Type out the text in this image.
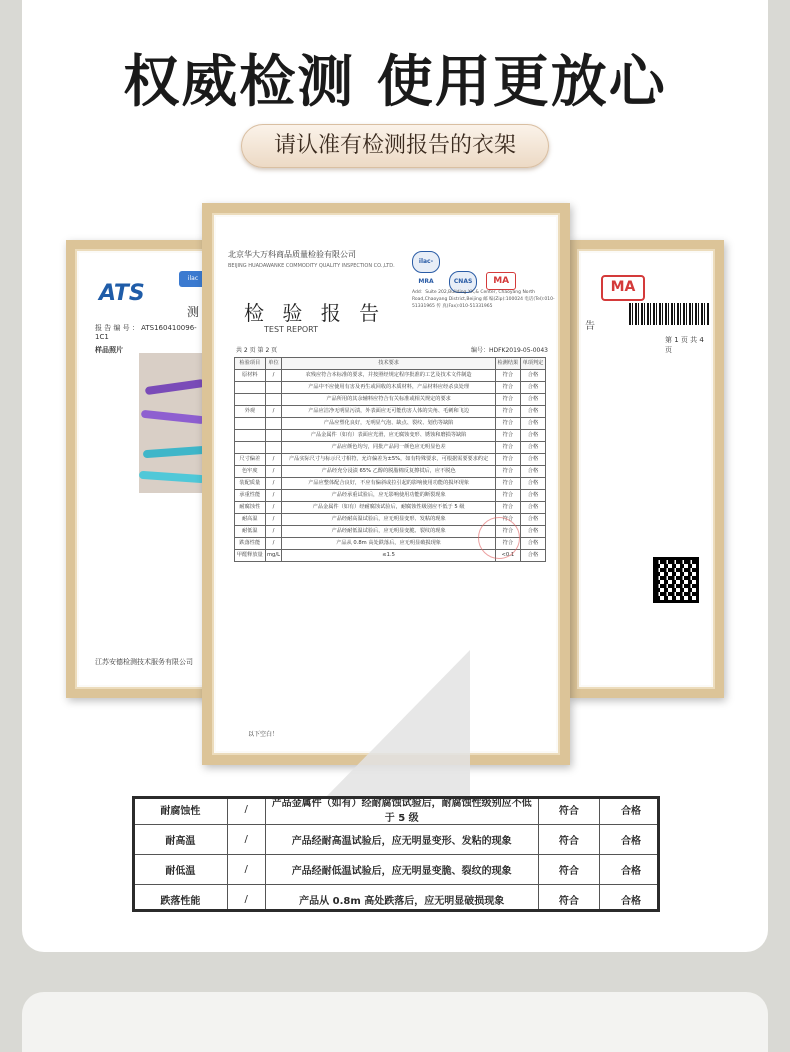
权威检测 使用更放心
请认准有检测报告的衣架
ATS
ilac
测
报 告 编 号 ： ATS160410096-1C1
样品照片
江苏安德检测技术服务有限公司
MA
告
第 1 页 共 4 页
北京华大万科商品质量检验有限公司
BEIJING HUADAWANKE COMMODITY QUALITY INSPECTION CO.,LTD.
检 验 报 告
TEST REPORT
ilac-MRA	CNAS MA
Add：Suite 202,Building XX,& Center, Chaoyang North Road,Chaoyang District,Beijing 邮 编(Zip):100024 电话(Tel):010-51331965 传 真(Fax):010-51331965
共 2 页 第 2 页	编号：HDFK2019-05-0043
检验项目	单位	技术要求	检测结果	单项判定
原材料	/	农残应符合本标准的要求，并按照经规定程序批准的工艺及技术文件制造	符合	合格
		产品中不应使用有害及再生或回收的木质材料，产品材料应经杀虫处理	符合	合格
		产品所用的其余辅料应符合有关标准或相关规定的要求	符合	合格
外观	/	产品应洁净无明显污渍，外表面应无可能伤害人体的尖角、毛刺和飞边	符合	合格
		产品应塑化良好，无明显气泡、缺点、裂纹、划伤等缺陷	符合	合格
		产品金属件（如有）表面应光滑，应无腐蚀变形、锈蚀和磨损等缺陷	符合	合格
		产品应颜色均匀，同批产品同一颜色应无明显色差	符合	合格
尺寸偏差	/	产品实际尺寸与标示尺寸相符，允许偏差为±5%，如有特殊要求，可根据需要要求约定	符合	合格
色牢度	/	产品经充分浸渍 65% 乙醇的脱脂棉反复擦拭后，应不脱色	符合	合格
装配质量	/	产品应整体配合良好，不应有偏斜或拉引起的影响使用功能的损坏现象	符合	合格
承重性能	/	产品经承重试验后，应无影响使用功能的断裂现象	符合	合格
耐腐蚀性	/	产品金属件（如有）经耐腐蚀试验后，耐腐蚀性级别应不低于 5 级	符合	合格
耐高温	/	产品经耐高温试验后，应无明显变形、发粘的现象	符合	合格
耐低温	/	产品经耐低温试验后，应无明显变脆、裂纹的现象	符合	合格
跌落性能	/	产品从 0.8m 高处跌落后，应无明显破损现象	符合	合格
甲醛释放量	mg/L	≤1.5	<0.1	合格
以下空白！
耐腐蚀性	/	产品金属件（如有）经耐腐蚀试验后，耐腐蚀性级别应不低于 5 级	符合	合格
耐高温	/	产品经耐高温试验后，应无明显变形、发粘的现象	符合	合格
耐低温	/	产品经耐低温试验后，应无明显变脆、裂纹的现象	符合	合格
跌落性能	/	产品从 0.8m 高处跌落后，应无明显破损现象	符合	合格
